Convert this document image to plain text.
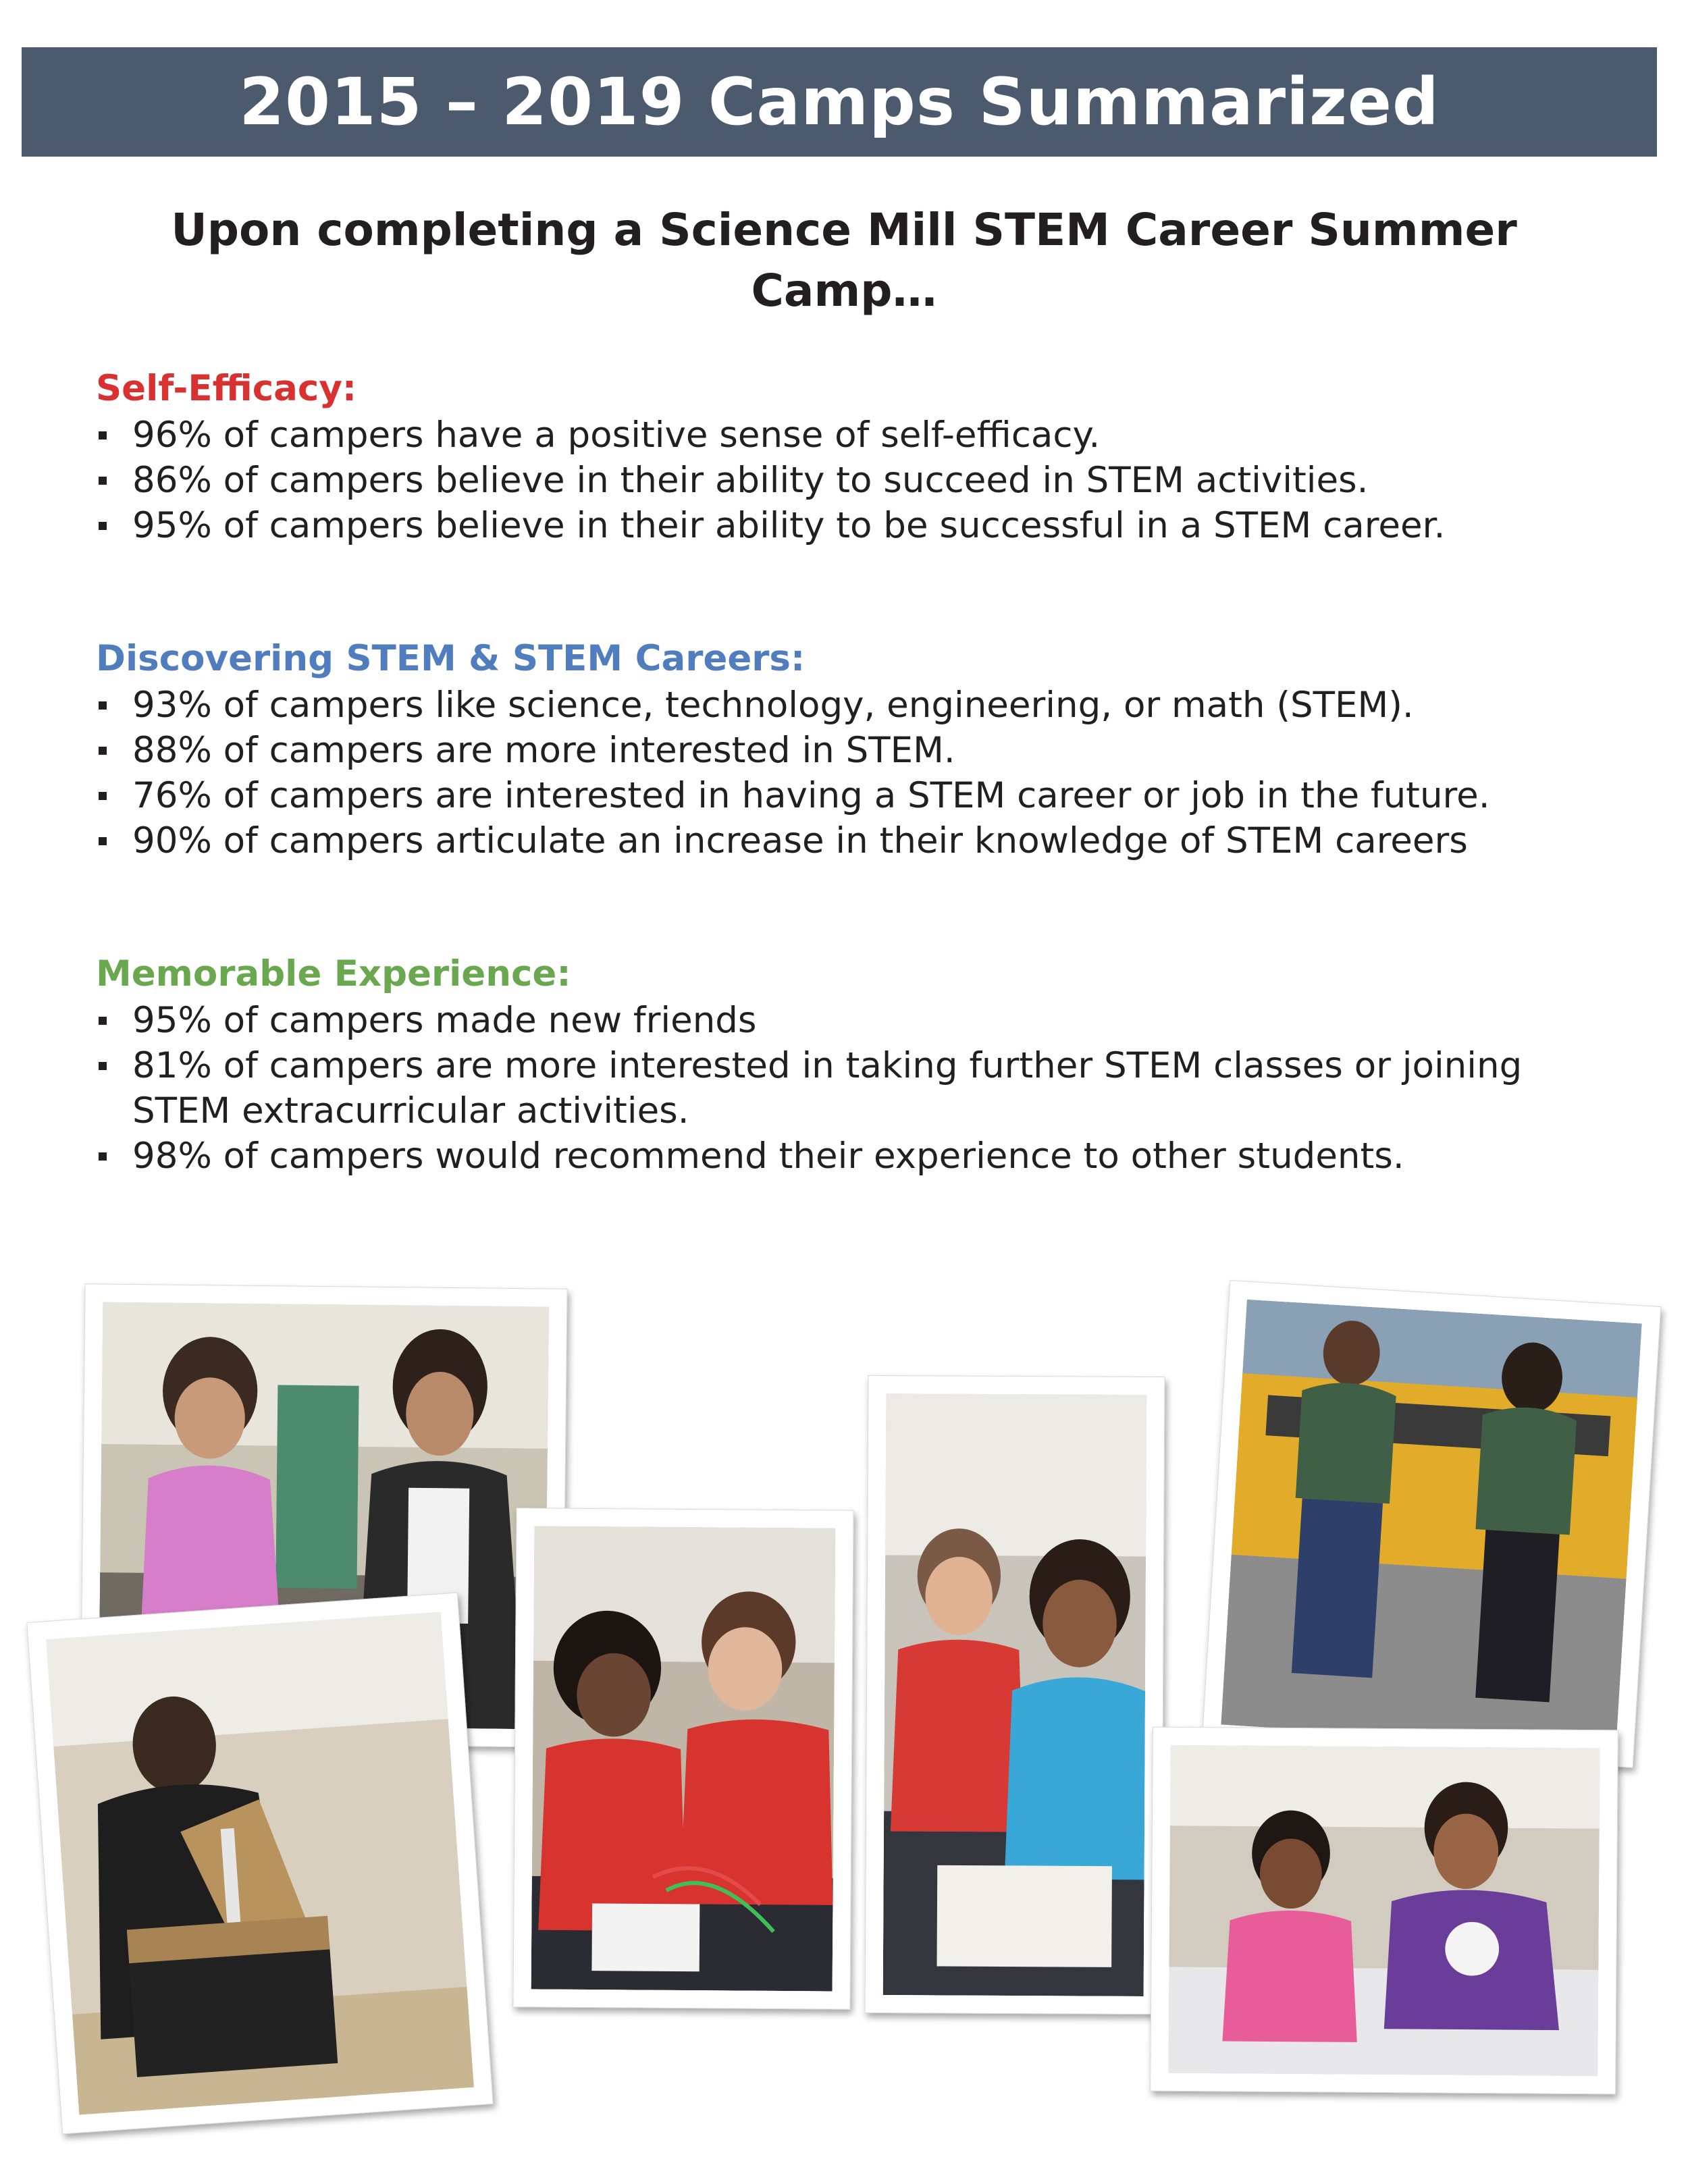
2015 – 2019 Camps Summarized
Upon completing a Science Mill STEM Career Summer Camp…
Self-Efficacy:
96% of campers have a positive sense of self-efficacy.
86% of campers believe in their ability to succeed in STEM activities.
95% of campers believe in their ability to be successful in a STEM career.
Discovering STEM & STEM Careers:
93% of campers like science, technology, engineering, or math (STEM).
88% of campers are more interested in STEM.
76% of campers are interested in having a STEM career or job in the future.
90% of campers articulate an increase in their knowledge of STEM careers
Memorable Experience:
95% of campers made new friends
81% of campers are more interested in taking further STEM classes or joining STEM extracurricular activities.
98% of campers would recommend their experience to other students.
